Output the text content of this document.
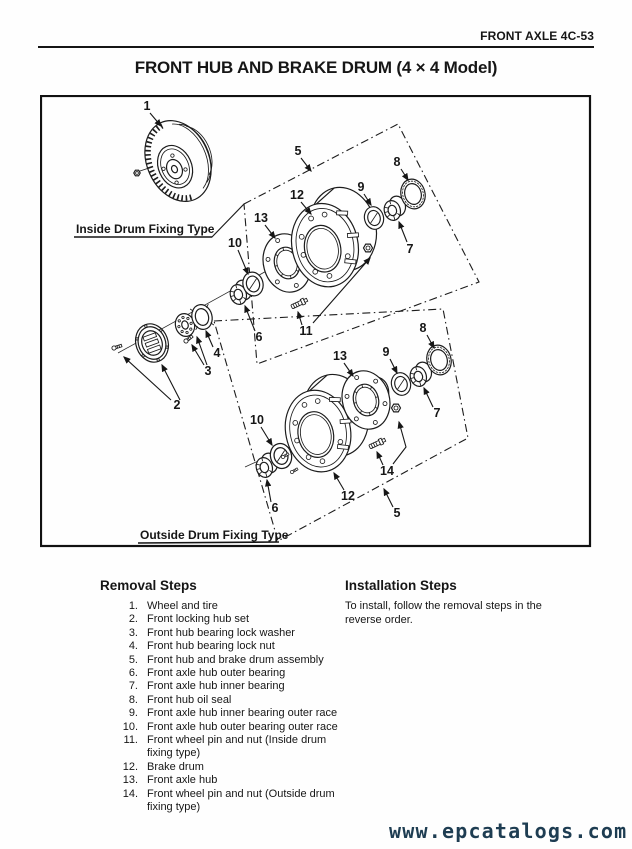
FRONT AXLE 4C-53
FRONT HUB AND BRAKE DRUM (4 × 4 Model)
Inside Drum Fixing Type
Outside Drum Fixing Type
1
5
12
13
9
8
7
10
6	11
4
3
2
5
12
13	9
8
7
10
6
14
Removal Steps
1. Wheel and tire
2. Front locking hub set
3. Front hub bearing lock washer
4. Front hub bearing lock nut
5. Front hub and brake drum assembly
6. Front axle hub outer bearing
7. Front axle hub inner bearing
8. Front hub oil seal
9. Front axle hub inner bearing outer race
10. Front axle hub outer bearing outer race
11. Front wheel pin and nut (Inside drum
fixing type)
12. Brake drum
13. Front axle hub
14. Front wheel pin and nut (Outside drum
fixing type)
Installation Steps
To install, follow the removal steps in the
reverse order.
www.epcatalogs.com
